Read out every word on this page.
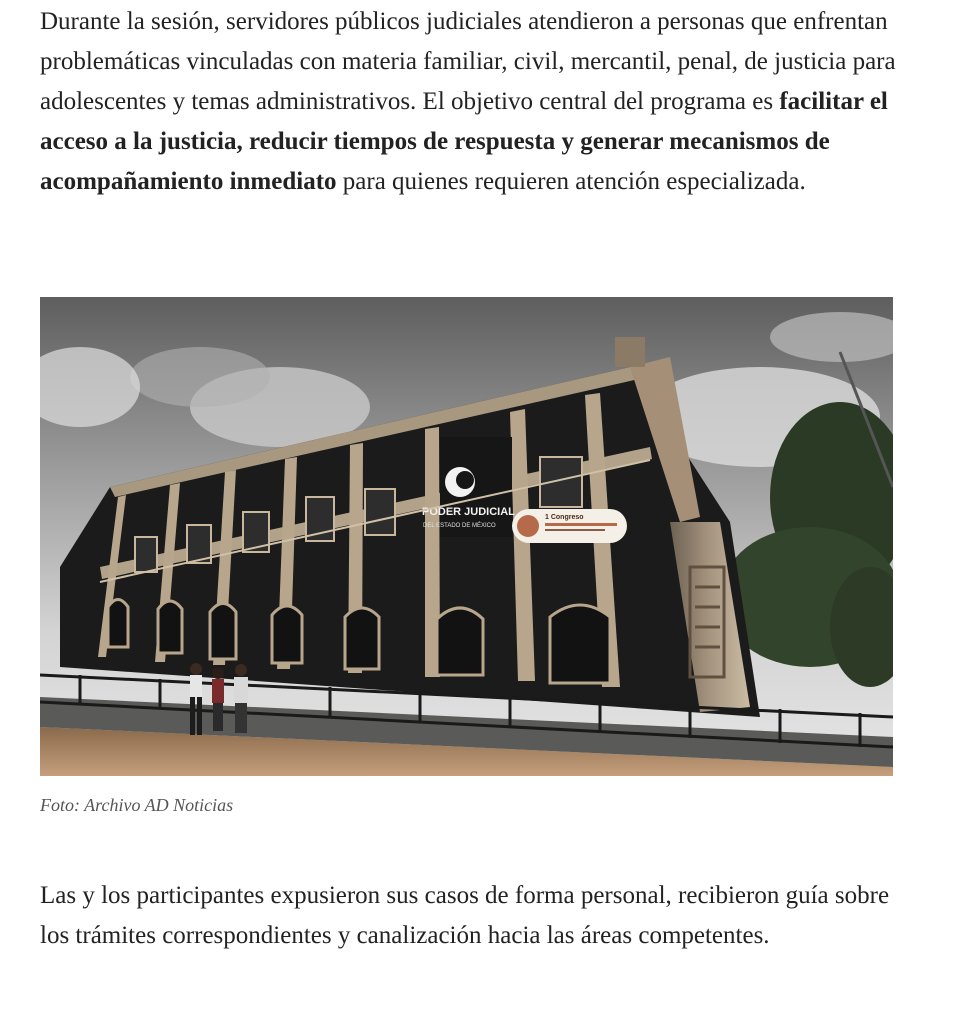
Durante la sesión, servidores públicos judiciales atendieron a personas que enfrentan problemáticas vinculadas con materia familiar, civil, mercantil, penal, de justicia para adolescentes y temas administrativos. El objetivo central del programa es facilitar el acceso a la justicia, reducir tiempos de respuesta y generar mecanismos de acompañamiento inmediato para quienes requieren atención especializada.

PODER JUDICIAL
DEL ESTADO DE MÉXICO
1 Congreso
Foto: Archivo AD Noticias

Las y los participantes expusieron sus casos de forma personal, recibieron guía sobre los trámites correspondientes y canalización hacia las áreas competentes.
